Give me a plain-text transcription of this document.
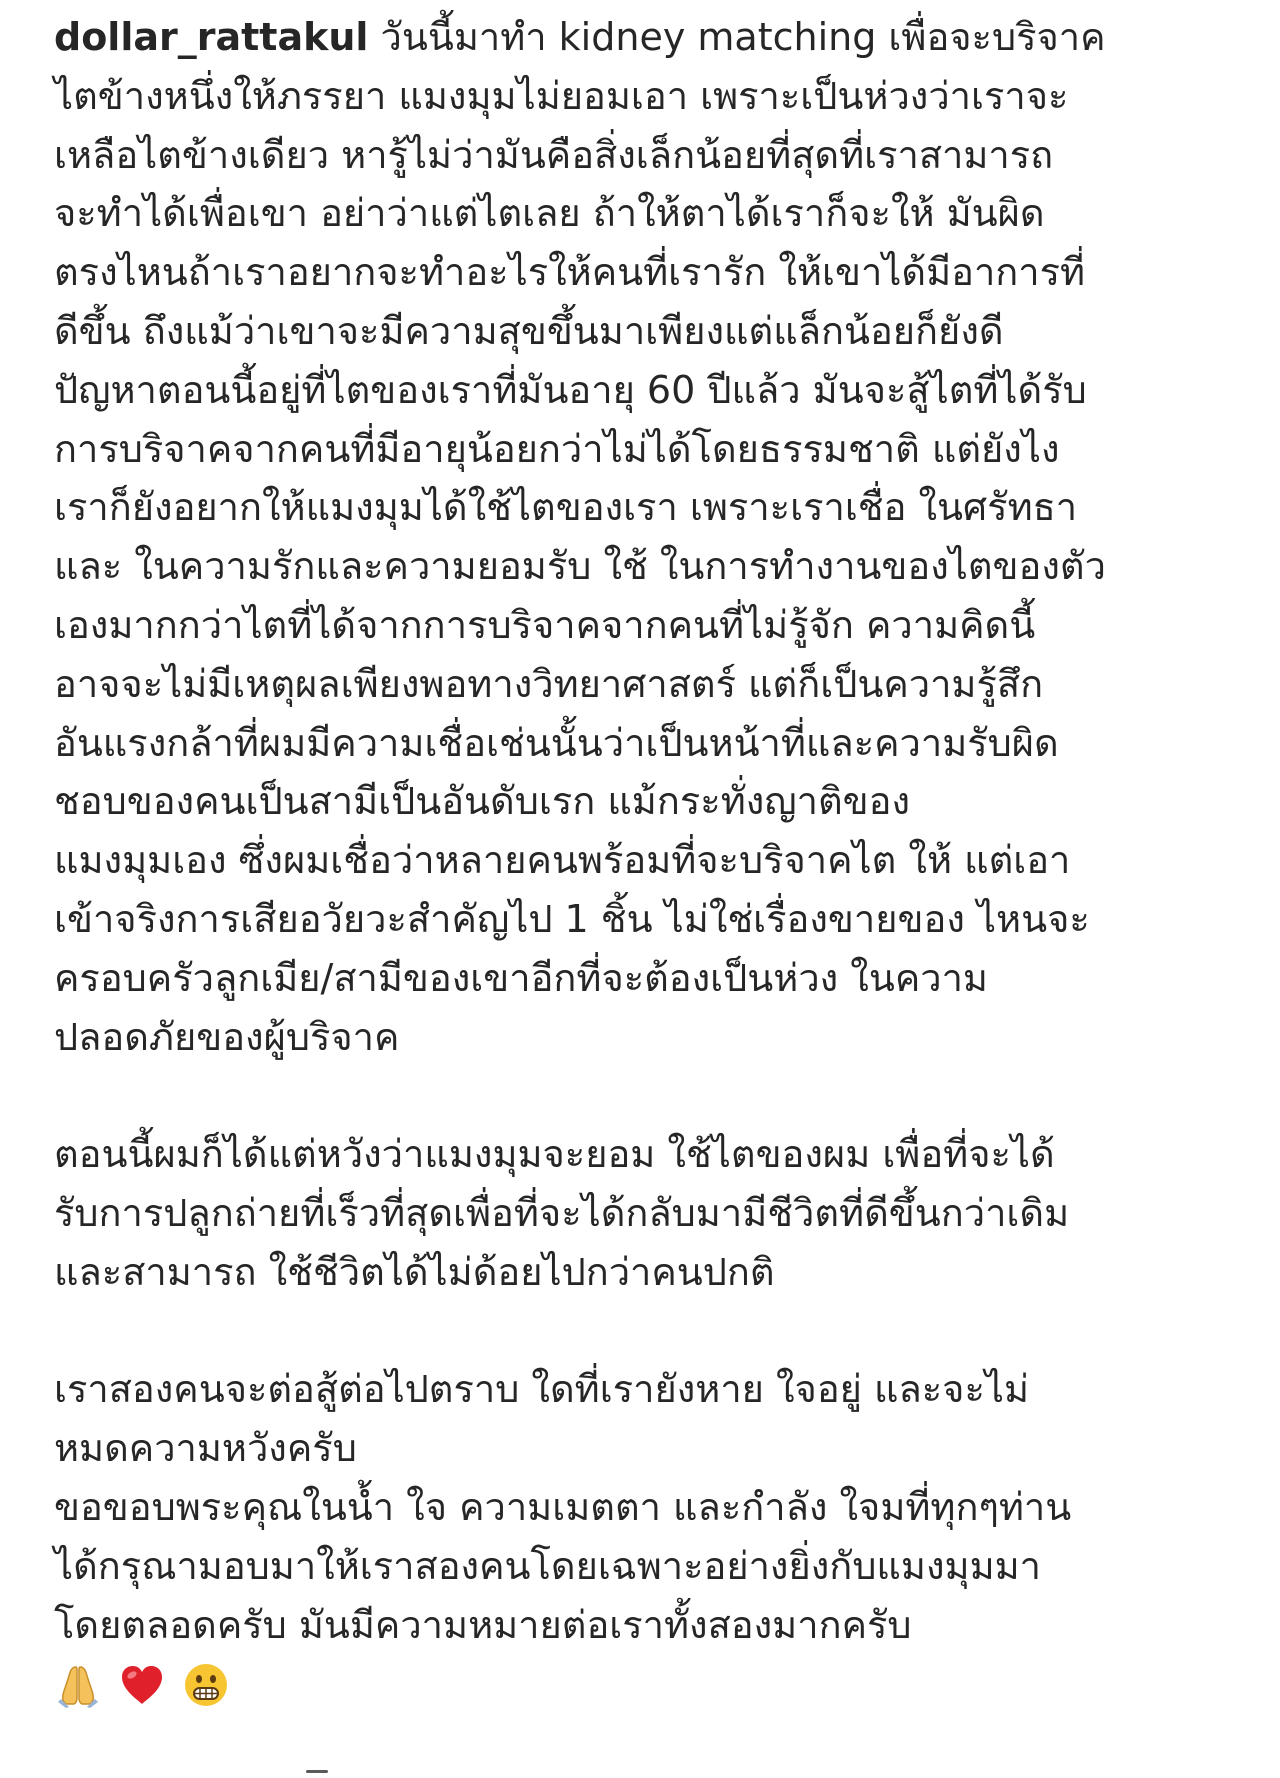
dollar_rattakul วันนี้มาทำ kidney matching เพื่อจะบริจาค
ไตข้างหนึ่งให้ภรรยา แมงมุมไม่ยอมเอา เพราะเป็นห่วงว่าเราจะ
เหลือไตข้างเดียว หารู้ไม่ว่ามันคือสิ่งเล็กน้อยที่สุดที่เราสามารถ
จะทำได้เพื่อเขา อย่าว่าแต่ไตเลย ถ้าให้ตาได้เราก็จะให้ มันผิด
ตรงไหนถ้าเราอยากจะทำอะไรให้คนที่เรารัก ให้เขาได้มีอาการที่
ดีขึ้น ถึงแม้ว่าเขาจะมีความสุขขึ้นมาเพียงแต่แล็กน้อยก็ยังดี
ปัญหาตอนนี้อยู่ที่ไตของเราที่มันอายุ 60 ปีแล้ว มันจะสู้ไตที่ได้รับ
การบริจาคจากคนที่มีอายุน้อยกว่าไม่ได้โดยธรรมชาติ แต่ยังไง
เราก็ยังอยากให้แมงมุมได้ใช้ไตของเรา เพราะเราเชื่อ ในศรัทธา
และ ในความรักและความยอมรับ ใช้ ในการทำงานของไตของตัว
เองมากกว่าไตที่ได้จากการบริจาคจากคนที่ไม่รู้จัก ความคิดนี้
อาจจะไม่มีเหตุผลเพียงพอทางวิทยาศาสตร์ แต่ก็เป็นความรู้สึก
อันแรงกล้าที่ผมมีความเชื่อเช่นนั้นว่าเป็นหน้าที่และความรับผิด
ชอบของคนเป็นสามีเป็นอันดับเรก แม้กระทั่งญาติของ
แมงมุมเอง ซึ่งผมเชื่อว่าหลายคนพร้อมที่จะบริจาคไต ให้ แต่เอา
เข้าจริงการเสียอวัยวะสำคัญไป 1 ชิ้น ไม่ใช่เรื่องขายของ ไหนจะ
ครอบครัวลูกเมีย/สามีของเขาอีกที่จะต้องเป็นห่วง ในความ
ปลอดภัยของผู้บริจาค
ตอนนี้ผมก็ได้แต่หวังว่าแมงมุมจะยอม ใช้ไตของผม เพื่อที่จะได้
รับการปลูกถ่ายที่เร็วที่สุดเพื่อที่จะได้กลับมามีชีวิตที่ดีขึ้นกว่าเดิม
และสามารถ ใช้ชีวิตได้ไม่ด้อยไปกว่าคนปกติ
เราสองคนจะต่อสู้ต่อไปตราบ ใดที่เรายังหาย ใจอยู่ และจะไม่
หมดความหวังครับ
ขอขอบพระคุณในน้ำ ใจ ความเมตตา และกำลัง ใจมที่ทุกๆท่าน
ได้กรุณามอบมาให้เราสองคนโดยเฉพาะอย่างยิ่งกับแมงมุมมา
โดยตลอดครับ มันมีความหมายต่อเราทั้งสองมากครับ
